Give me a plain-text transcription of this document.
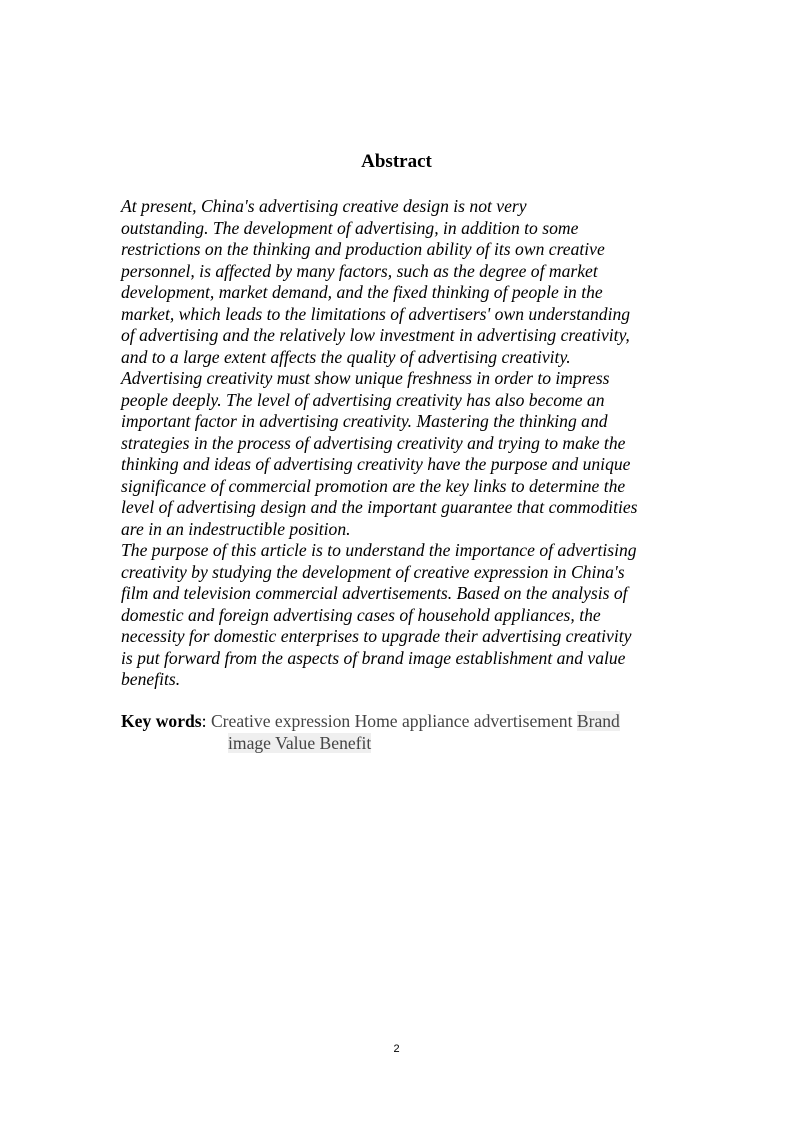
Abstract

At present, China's advertising creative design is not very
outstanding. The development of advertising, in addition to some
restrictions on the thinking and production ability of its own creative
personnel, is affected by many factors, such as the degree of market
development, market demand, and the fixed thinking of people in the
market, which leads to the limitations of advertisers' own understanding
of advertising and the relatively low investment in advertising creativity,
and to a large extent affects the quality of advertising creativity.
Advertising creativity must show unique freshness in order to impress
people deeply. The level of advertising creativity has also become an
important factor in advertising creativity. Mastering the thinking and
strategies in the process of advertising creativity and trying to make the
thinking and ideas of advertising creativity have the purpose and unique
significance of commercial promotion are the key links to determine the
level of advertising design and the important guarantee that commodities
are in an indestructible position.

The purpose of this article is to understand the importance of advertising
creativity by studying the development of creative expression in China's
film and television commercial advertisements. Based on the analysis of
domestic and foreign advertising cases of household appliances, the
necessity for domestic enterprises to upgrade their advertising creativity
is put forward from the aspects of brand image establishment and value
benefits.

Key words: Creative expression Home appliance advertisement Brand
image Value Benefit
2
